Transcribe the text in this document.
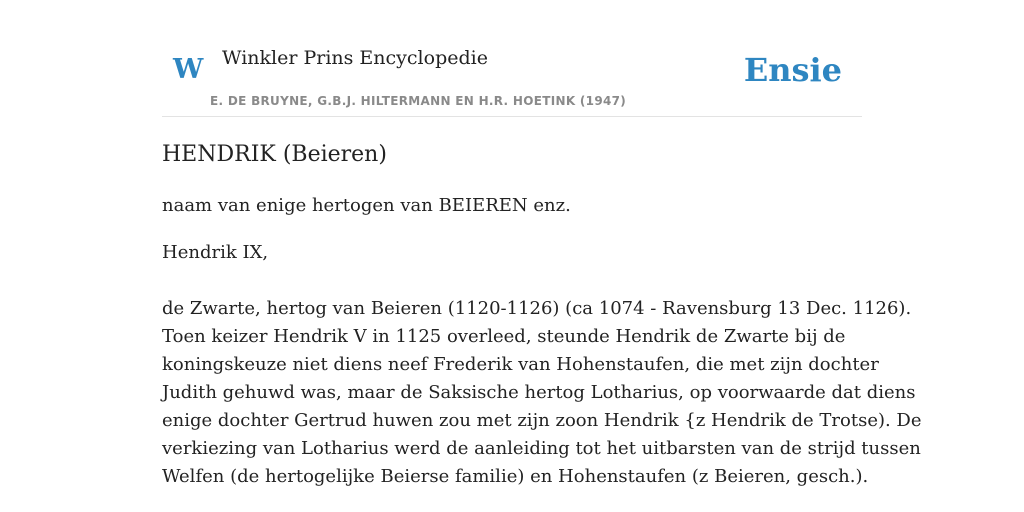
W Winkler Prins Encyclopedie
E. DE BRUYNE, G.B.J. HILTERMANN EN H.R. HOETINK (1947)
Ensie
HENDRIK (Beieren)

naam van enige hertogen van BEIEREN enz.

Hendrik IX,

de Zwarte, hertog van Beieren (1120-1126) (ca 1074 - Ravensburg 13 Dec. 1126).

Toen keizer Hendrik V in 1125 overleed, steunde Hendrik de Zwarte bij de

koningskeuze niet diens neef Frederik van Hohenstaufen, die met zijn dochter

Judith gehuwd was, maar de Saksische hertog Lotharius, op voorwaarde dat diens

enige dochter Gertrud huwen zou met zijn zoon Hendrik {z Hendrik de Trotse). De

verkiezing van Lotharius werd de aanleiding tot het uitbarsten van de strijd tussen

Welfen (de hertogelijke Beierse familie) en Hohenstaufen (z Beieren, gesch.).
